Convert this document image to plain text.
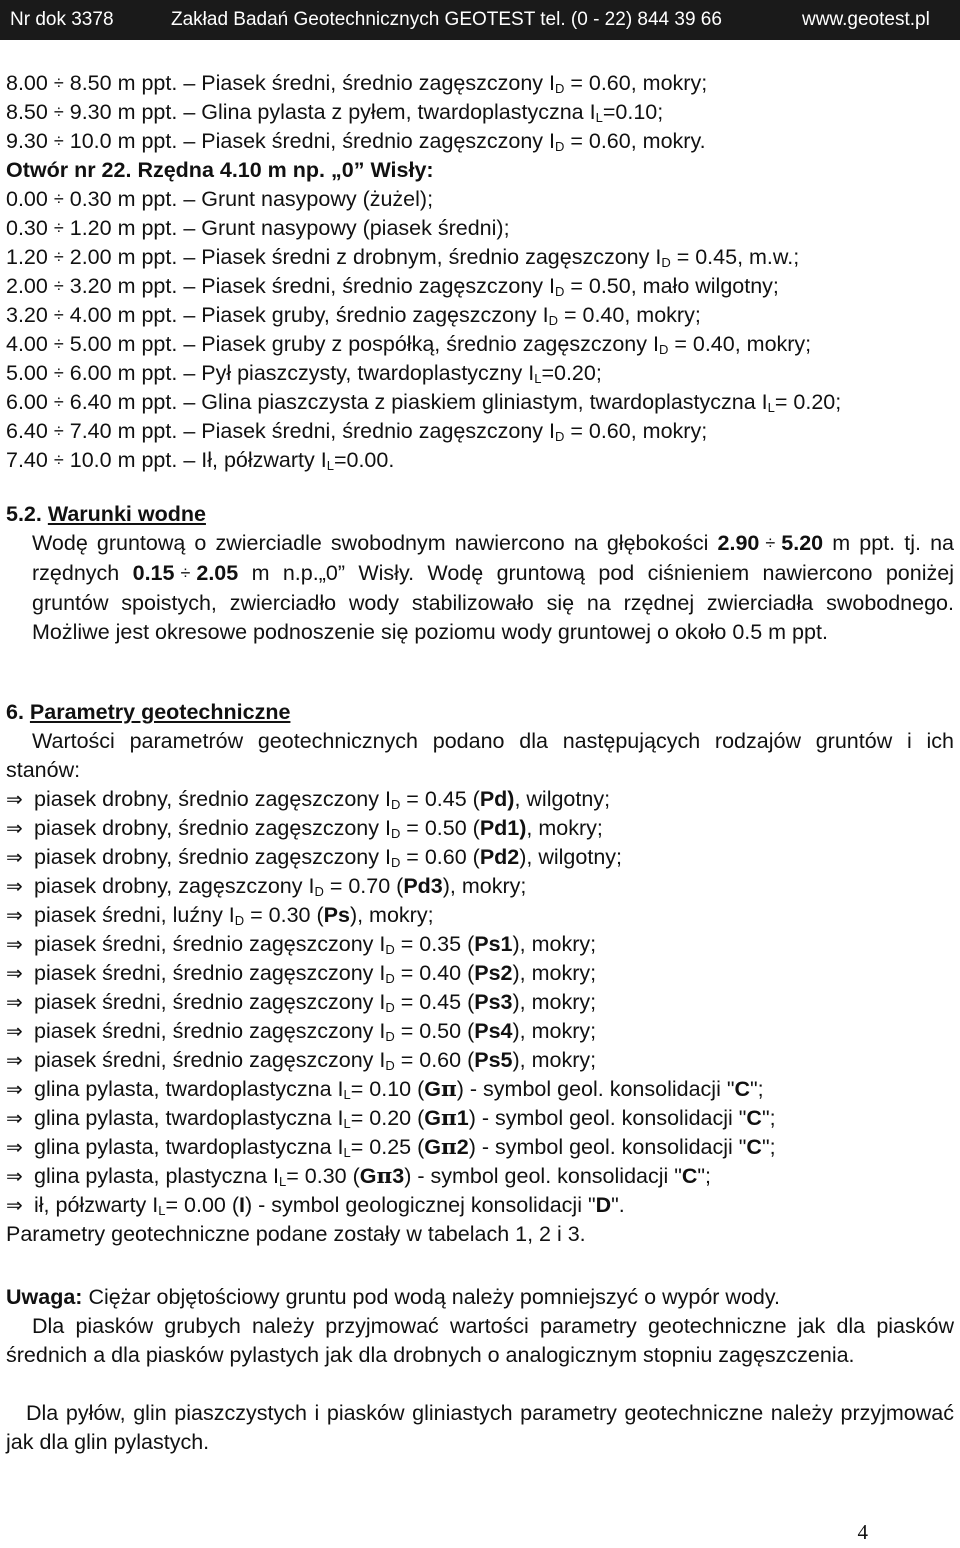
Nr dok 3378	Zakład Badań Geotechnicznych GEOTEST tel. (0 - 22) 844 39 66	www.geotest.pl
8.00 ÷ 8.50 m ppt. – Piasek średni, średnio zagęszczony ID = 0.60, mokry;
8.50 ÷ 9.30 m ppt. – Glina pylasta z pyłem, twardoplastyczna IL=0.10;
9.30 ÷ 10.0 m ppt. – Piasek średni, średnio zagęszczony ID = 0.60, mokry.
Otwór nr 22. Rzędna 4.10 m np. „0” Wisły:
0.00 ÷ 0.30 m ppt. – Grunt nasypowy (żużel);
0.30 ÷ 1.20 m ppt. – Grunt nasypowy (piasek średni);
1.20 ÷ 2.00 m ppt. – Piasek średni z drobnym, średnio zagęszczony ID = 0.45, m.w.;
2.00 ÷ 3.20 m ppt. – Piasek średni, średnio zagęszczony ID = 0.50, mało wilgotny;
3.20 ÷ 4.00 m ppt. – Piasek gruby, średnio zagęszczony ID = 0.40, mokry;
4.00 ÷ 5.00 m ppt. – Piasek gruby z pospółką, średnio zagęszczony ID = 0.40, mokry;
5.00 ÷ 6.00 m ppt. – Pył piaszczysty, twardoplastyczny IL=0.20;
6.00 ÷ 6.40 m ppt. – Glina piaszczysta z piaskiem gliniastym, twardoplastyczna IL= 0.20;
6.40 ÷ 7.40 m ppt. – Piasek średni, średnio zagęszczony ID = 0.60, mokry;
7.40 ÷ 10.0 m ppt. – Ił, półzwarty IL=0.00.
5.2. Warunki wodne
Wodę gruntową o zwierciadle swobodnym nawiercono na głębokości 2.90 ÷ 5.20 m ppt. tj. na rzędnych 0.15 ÷ 2.05 m n.p.„0” Wisły. Wodę gruntową pod ciśnieniem nawiercono poniżej gruntów spoistych, zwierciadło wody stabilizowało się na rzędnej zwierciadła swobodnego. Możliwe jest okresowe podnoszenie się poziomu wody gruntowej o około 0.5 m ppt.
6. Parametry geotechniczne
Wartości parametrów geotechnicznych podano dla następujących rodzajów gruntów i ich stanów:
⇒ piasek drobny, średnio zagęszczony ID = 0.45 (Pd), wilgotny;
⇒ piasek drobny, średnio zagęszczony ID = 0.50 (Pd1), mokry;
⇒ piasek drobny, średnio zagęszczony ID = 0.60 (Pd2), wilgotny;
⇒ piasek drobny, zagęszczony ID = 0.70 (Pd3), mokry;
⇒ piasek średni, luźny ID = 0.30 (Ps), mokry;
⇒ piasek średni, średnio zagęszczony ID = 0.35 (Ps1), mokry;
⇒ piasek średni, średnio zagęszczony ID = 0.40 (Ps2), mokry;
⇒ piasek średni, średnio zagęszczony ID = 0.45 (Ps3), mokry;
⇒ piasek średni, średnio zagęszczony ID = 0.50 (Ps4), mokry;
⇒ piasek średni, średnio zagęszczony ID = 0.60 (Ps5), mokry;
⇒ glina pylasta, twardoplastyczna IL= 0.10 (Gπ) - symbol geol. konsolidacji "C";
⇒ glina pylasta, twardoplastyczna IL= 0.20 (Gπ1) - symbol geol. konsolidacji "C";
⇒ glina pylasta, twardoplastyczna IL= 0.25 (Gπ2) - symbol geol. konsolidacji "C";
⇒ glina pylasta, plastyczna IL= 0.30 (Gπ3) - symbol geol. konsolidacji "C";
⇒ ił, półzwarty IL= 0.00 (I) - symbol geologicznej konsolidacji "D".
Parametry geotechniczne podane zostały w tabelach 1, 2 i 3.
Uwaga: Ciężar objętościowy gruntu pod wodą należy pomniejszyć o wypór wody.
Dla piasków grubych należy przyjmować wartości parametry geotechniczne jak dla piasków średnich a dla piasków pylastych jak dla drobnych o analogicznym stopniu zagęszczenia.
Dla pyłów, glin piaszczystych i piasków gliniastych parametry geotechniczne należy przyjmować jak dla glin pylastych.
4
